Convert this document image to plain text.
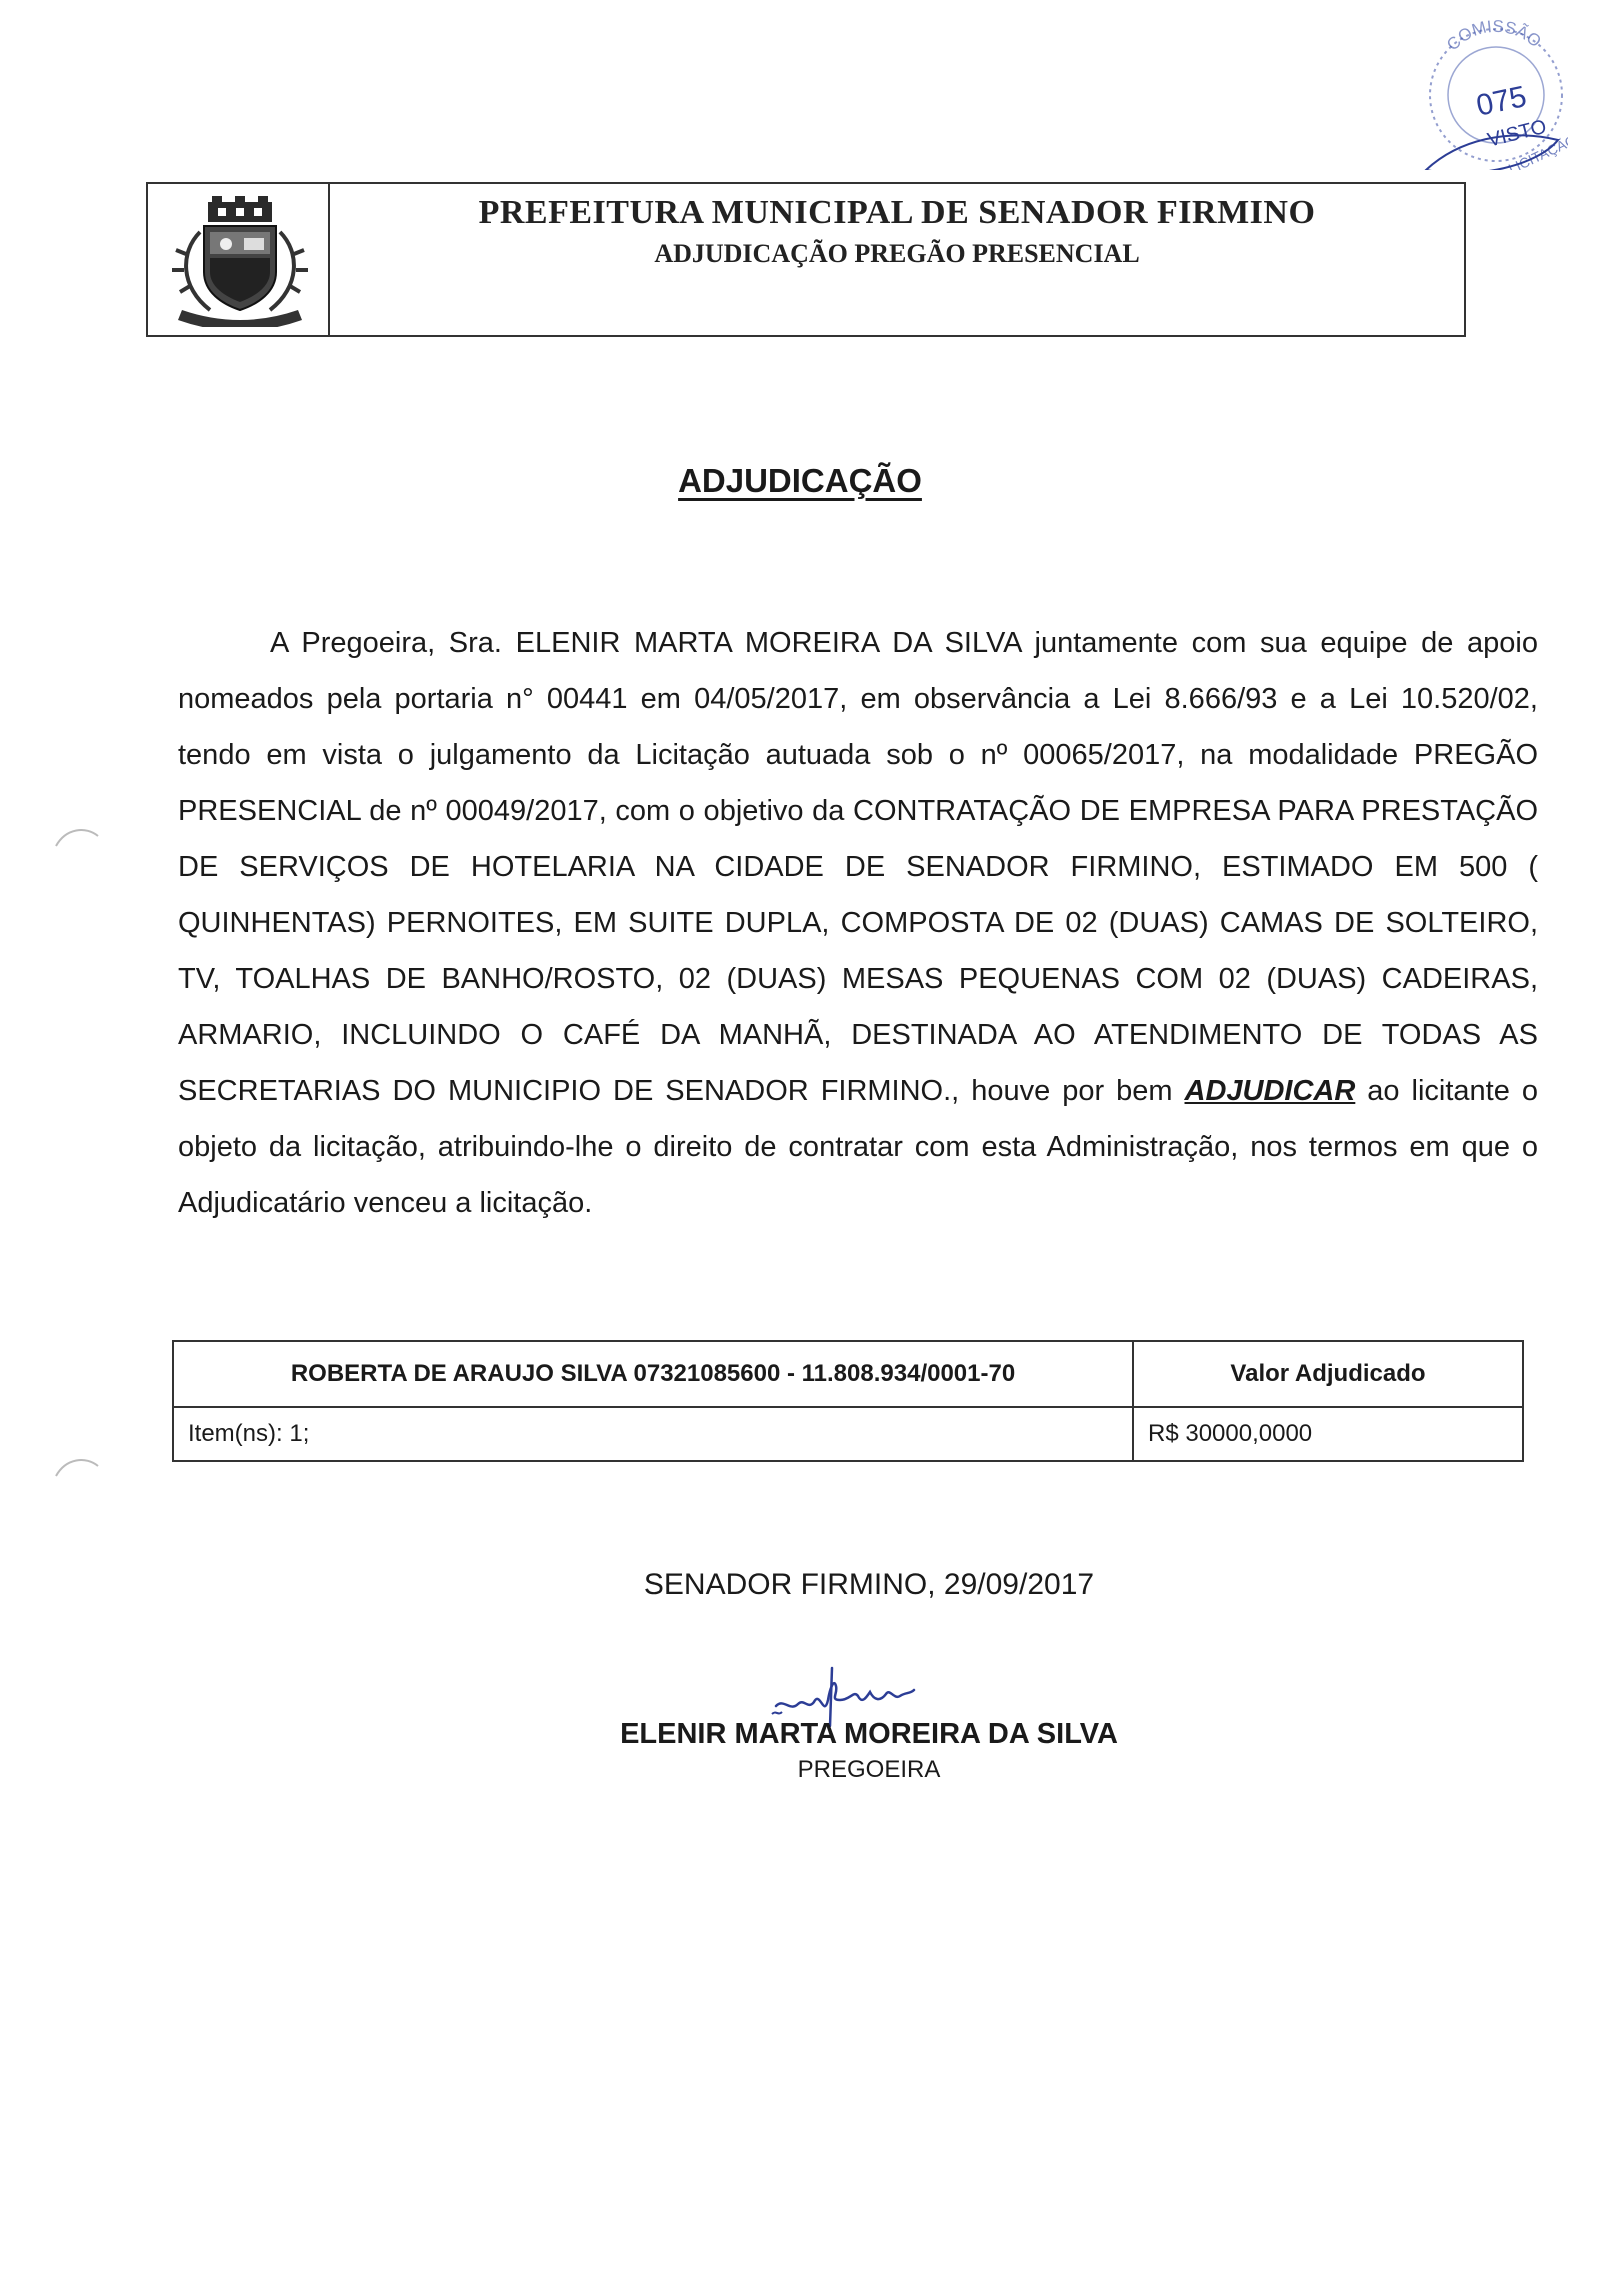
COMISSÃO
075
VISTO
LICITAÇÃO
PREFEITURA MUNICIPAL DE SENADOR FIRMINO
ADJUDICAÇÃO PREGÃO PRESENCIAL
ADJUDICAÇÃO
A Pregoeira, Sra. ELENIR MARTA MOREIRA DA SILVA juntamente com sua equipe de apoio nomeados pela portaria n° 00441 em 04/05/2017, em observância a Lei 8.666/93 e a Lei 10.520/02, tendo em vista o julgamento da Licitação autuada sob o nº 00065/2017, na modalidade PREGÃO PRESENCIAL de nº 00049/2017, com o objetivo da CONTRATAÇÃO DE EMPRESA PARA PRESTAÇÃO DE SERVIÇOS DE HOTELARIA NA CIDADE DE SENADOR FIRMINO, ESTIMADO EM 500 ( QUINHENTAS) PERNOITES, EM SUITE DUPLA, COMPOSTA DE 02 (DUAS) CAMAS DE SOLTEIRO, TV, TOALHAS DE BANHO/ROSTO, 02 (DUAS) MESAS PEQUENAS COM 02 (DUAS) CADEIRAS, ARMARIO, INCLUINDO O CAFÉ DA MANHÃ, DESTINADA AO ATENDIMENTO DE TODAS AS SECRETARIAS DO MUNICIPIO DE SENADOR FIRMINO., houve por bem ADJUDICAR ao licitante o objeto da licitação, atribuindo-lhe o direito de contratar com esta Administração, nos termos em que o Adjudicatário venceu a licitação.
ROBERTA DE ARAUJO SILVA 07321085600 - 11.808.934/0001-70	Valor Adjudicado
Item(ns): 1;	R$ 30000,0000
SENADOR FIRMINO, 29/09/2017
ELENIR MARTA MOREIRA DA SILVA
PREGOEIRA
